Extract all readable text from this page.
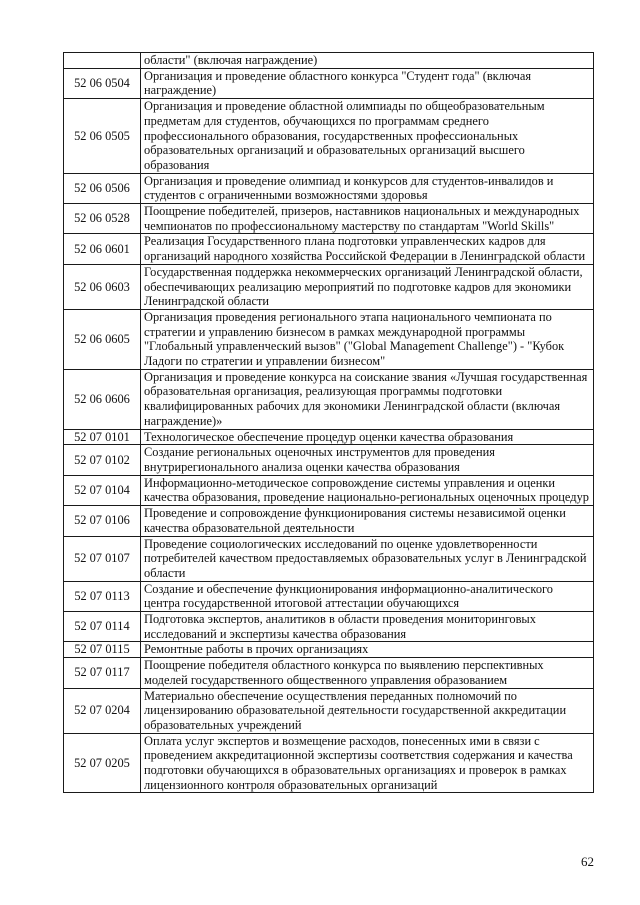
	области" (включая награждение)
52 06 0504	Организация и проведение областного конкурса "Студент года" (включая награждение)
52 06 0505	Организация и проведение областной олимпиады по общеобразовательным предметам для студентов, обучающихся по программам среднего профессионального образования, государственных профессиональных образовательных организаций и образовательных организаций высшего образования
52 06 0506	Организация и проведение олимпиад и конкурсов для студентов-инвалидов и студентов с ограниченными возможностями здоровья
52 06 0528	Поощрение победителей, призеров, наставников национальных и международных чемпионатов по профессиональному мастерству по стандартам "World Skills"
52 06 0601	Реализация Государственного плана подготовки управленческих кадров для организаций народного хозяйства Российской Федерации в Ленинградской области
52 06 0603	Государственная поддержка некоммерческих организаций Ленинградской области, обеспечивающих реализацию мероприятий по подготовке кадров для экономики Ленинградской области
52 06 0605	Организация проведения регионального этапа национального чемпионата по стратегии и управлению бизнесом в рамках международной программы "Глобальный управленческий вызов" ("Global Management Challenge") - "Кубок Ладоги по стратегии и управлении бизнесом"
52 06 0606	Организация и проведение конкурса на соискание звания «Лучшая государственная образовательная организация, реализующая программы подготовки квалифицированных рабочих для экономики Ленинградской области (включая награждение)»
52 07 0101	Технологическое обеспечение процедур оценки качества образования
52 07 0102	Создание региональных оценочных инструментов для проведения внутрирегионального анализа оценки качества образования
52 07 0104	Информационно-методическое сопровождение системы управления и оценки качества образования, проведение национально-региональных оценочных процедур
52 07 0106	Проведение и сопровождение функционирования системы независимой оценки качества образовательной деятельности
52 07 0107	Проведение социологических исследований по оценке удовлетворенности потребителей качеством предоставляемых образовательных услуг в Ленинградской области
52 07 0113	Создание и обеспечение функционирования информационно-аналитического центра государственной итоговой аттестации обучающихся
52 07 0114	Подготовка экспертов, аналитиков в области проведения мониторинговых исследований и экспертизы качества образования
52 07 0115	Ремонтные работы в прочих организациях
52 07 0117	Поощрение победителя областного конкурса по выявлению перспективных моделей государственного общественного управления образованием
52 07 0204	Материально обеспечение осуществления переданных полномочий по лицензированию образовательной деятельности государственной аккредитации образовательных учреждений
52 07 0205	Оплата услуг экспертов и возмещение расходов, понесенных ими в связи с проведением аккредитационной экспертизы соответствия содержания и качества подготовки обучающихся в образовательных организациях и проверок в рамках лицензионного контроля образовательных организаций
62
